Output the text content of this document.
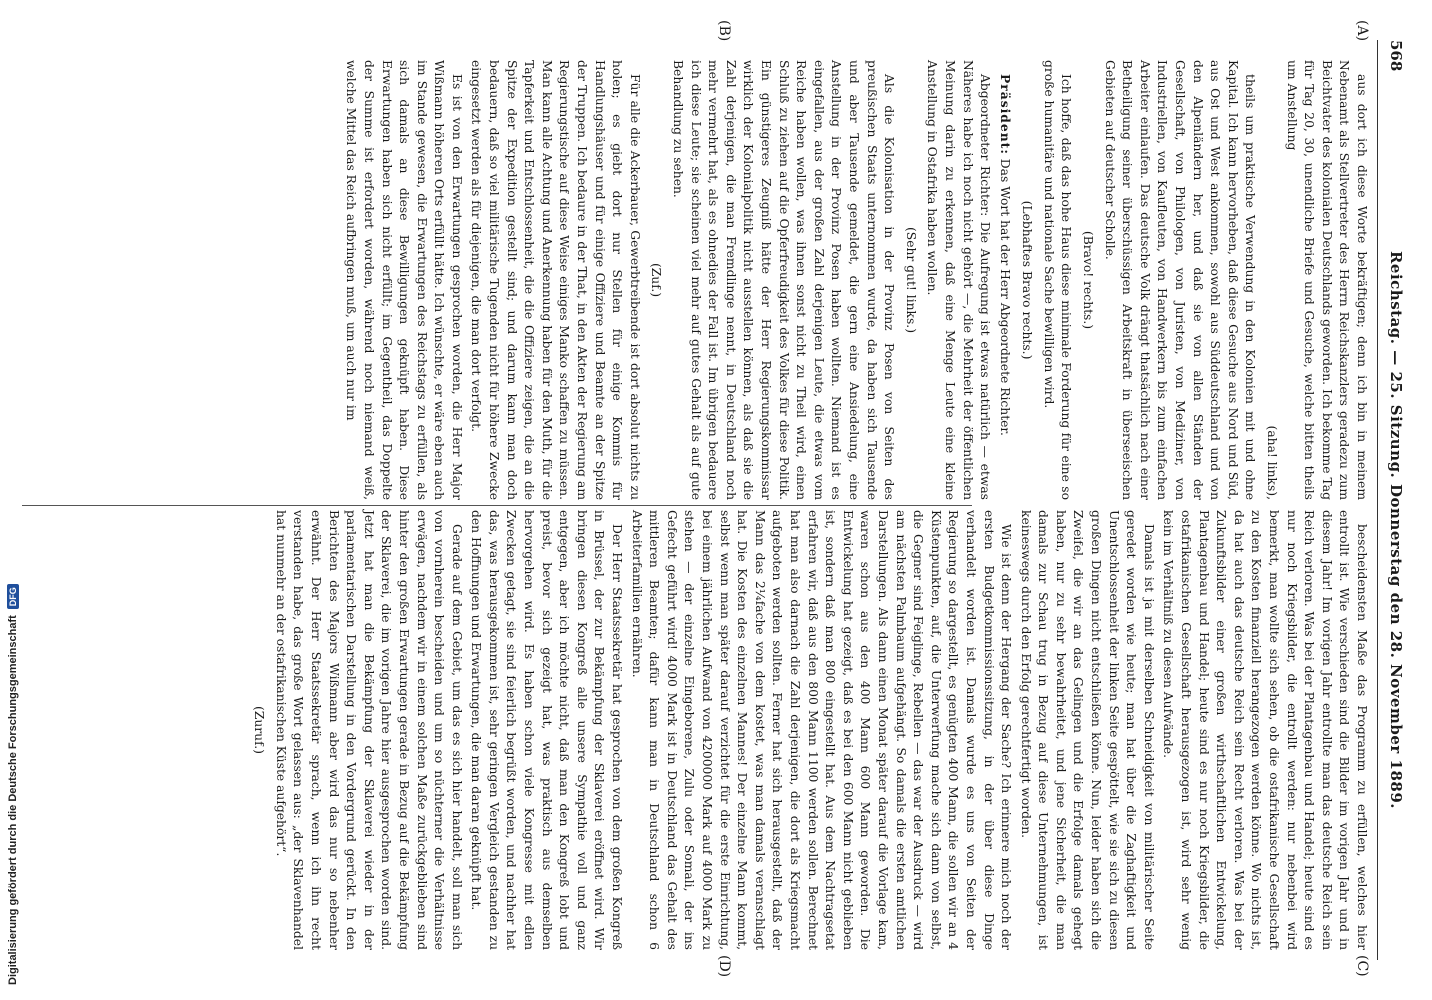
568
Reichstag. — 25. Sitzung. Donnerstag den 28. November 1889.
(A)
(B)
(C)
(D)

aus dort ich diese Worte bekräftigen; denn ich bin in meinem Nebenamt als Stellvertreter des Herrn Reichskanzlers geradezu zum Beichtvater des kolonialen Deutschlands geworden. Ich bekomme Tag für Tag 20, 30, unendliche Briefe und Gesuche, welche bitten theils um Anstellung

(aha! links),

theils um praktische Verwendung in den Kolonien mit und ohne Kapital. Ich kann hervorheben, daß diese Gesuche aus Nord und Süd, aus Ost und West ankommen, sowohl aus Süddeutschland und von den Alpenländern her, und daß sie von allen Ständen der Gesellschaft, von Philologen, von Juristen, von Mediziner, von Industriellen, von Kaufleuten, von Handwerkern bis zum einfachen Arbeiter einlaufen. Das deutsche Volk drängt thatsächlich nach einer Betheiligung seiner überschüssigen Arbeitskraft in überseeischen Gebieten auf deutscher Scholle.

(Bravo! rechts.)

Ich hoffe, daß das hohe Haus diese minimale Forderung für eine so große humanitäre und nationale Sache bewilligen wird.

(Lebhaftes Bravo rechts.)

Präsident: Das Wort hat der Herr Abgeordnete Richter.

Abgeordneter Richter: Die Aufregung ist etwas natürlich — etwas Näheres habe ich noch nicht gehört —, die Mehrheit der öffentlichen Meinung darin zu erkennen, daß eine Menge Leute eine kleine Anstellung in Ostafrika haben wollen.

(Sehr gut! links.)

Als die Kolonisation in der Provinz Posen von Seiten des preußischen Staats unternommen wurde, da haben sich Tausende und aber Tausende gemeldet, die gern eine Ansiedelung, eine Anstellung in der Provinz Posen haben wollten. Niemand ist es eingefallen, aus der großen Zahl derjenigen Leute, die etwas vom Reiche haben wollen, was ihnen sonst nicht zu Theil wird, einen Schluß zu ziehen auf die Opferfreudigkeit des Volkes für diese Politik. Ein günstigeres Zeugniß hätte der Herr Regierungskommissar wirklich der Kolonialpolitik nicht ausstellen können, als daß sie die Zahl derjenigen, die man Fremdlinge nennt, in Deutschland noch mehr vermehrt hat, als es ohnedies der Fall ist. Im übrigen bedauere ich diese Leute; sie scheinen viel mehr auf gutes Gehalt als auf gute Behandlung zu sehen.

(Zuf.)

Für alle die Ackerbauer, Gewerbtreibende ist dort absolut nichts zu holen; es giebt dort nur Stellen für einige Kommis für Handlungshäuser und für einige Offiziere und Beamte an der Spitze der Truppen. Ich bedaure in der That, in den Akten der Regierung am Regierungstische auf diese Weise einiges Manko schaffen zu müssen. Man kann alle Achtung und Anerkennung haben für den Muth, für die Tapferkeit und Entschlossenheit, die die Offiziere zeigen, die an die Spitze der Expedition gestellt sind; und darum kann man doch bedauern, daß so viel militärische Tugenden nicht für höhere Zwecke eingesetzt werden als für diejenigen, die man dort verfolgt.

Es ist von den Erwartungen gesprochen worden, die Herr Major Wißmann höheren Orts erfüllt hätte. Ich wünschte, er wäre eben auch im Stande gewesen, die Erwartungen des Reichstags zu erfüllen, als sich damals an diese Bewilligungen geknüpft haben. Diese Erwartungen haben sich nicht erfüllt; im Gegentheil, das Doppelte der Summe ist erfordert worden, während noch niemand weiß, welche Mittel das Reich aufbringen muß, um auch nur im

bescheidensten Maße das Programm zu erfüllen, welches hier entrollt ist. Wie verschieden sind die Bilder im vorigen Jahr und in diesem Jahr! Im vorigen Jahr entrollte man das deutsche Reich sein Reich verloren. Was bei der Plantagenbau und Handel; heute sind es nur noch Kriegsbilder, die entrollt werden: nur nebenbei wird bemerkt, man wollte sich sehen, ob die ostafrikanische Gesellschaft zu den Kosten finanziell herangezogen werden könne. Wo nichts ist, da hat auch das deutsche Reich sein Recht verloren. Was bei der Zukunftsbilder einer großen wirthschaftlichen Entwickelung, Plantagenbau und Handel; heute sind es nur noch Kriegsbilder, die ostafrikanischen Gesellschaft herausgezogen ist, wird sehr wenig kein im Verhältniß zu diesen Aufwände.

Damals ist ja mit derselben Schneidigkeit von militärischer Seite geredet worden wie heute; man hat über die Zaghaftigkeit und Unentschlossenheit der linken Seite gespöttelt, wie sie sich zu diesen großen Dingen nicht entschließen könne. Nun, leider haben sich die Zweifel, die wir an das Gelingen und die Erfolge damals gehegt haben, nur zu sehr bewahrheitet, und jene Sicherheit, die man damals zur Schau trug in Bezug auf diese Unternehmungen, ist keineswegs durch den Erfolg gerechtfertigt worden.

Wie ist denn der Hergang der Sache? Ich erinnere mich noch der ersten Budgetkommissionssitzung, in der über diese Dinge verhandelt worden ist. Damals wurde es uns von Seiten der Regierung so dargestellt, es genügten 400 Mann, die sollen wir an 4 Küstenpunkten, auf, die Unterwerfung mache sich dann von selbst, die Gegner sind Feiglinge, Rebellen — das war der Ausdruck — wird am nächsten Palmbaum aufgehängt. So damals die ersten amtlichen Darstellungen. Als dann einen Monat später darauf die Vorlage kam, waren schon aus den 400 Mann 600 Mann geworden. Die Entwickelung hat gezeigt, daß es bei den 600 Mann nicht geblieben ist, sondern daß man 800 eingestellt hat. Aus dem Nachtragsetat erfahren wir, daß aus den 800 Mann 1100 werden sollen. Berechnet hat man also darnach die Zahl derjenigen, die dort als Kriegsmacht aufgeboten werden sollten. Ferner hat sich herausgestellt, daß der Mann das 2¼fache von dem kostet, was man damals veranschlagt hat. Die Kosten des einzelnen Mannes! Der einzelne Mann kommt, selbst wenn man später darauf verzichtet für die erste Einrichtung, bei einem jährlichen Aufwand von 4200000 Mark auf 4000 Mark zu stehen — der einzelne Eingeborene, Zulu oder Somali, der ins Gefecht geführt wird! 4000 Mark ist in Deutschland das Gehalt des mittleren Beamten; dafür kann man in Deutschland schon 6 Arbeiterfamilien ernähren.

Der Herr Staatssekretär hat gesprochen von dem großen Kongreß in Brüssel, der zur Bekämpfung der Sklaverei eröffnet wird. Wir bringen diesen Kongreß alle unsere Sympathie voll und ganz entgegen, aber ich möchte nicht, daß man den Kongreß lobt und preist, bevor sich gezeigt hat, was praktisch aus demselben hervorgehen wird. Es haben schon viele Kongresse mit edlen Zwecken getagt, sie sind feierlich begrüßt worden, und nachher hat das, was herausgekommen ist, sehr geringen Vergleich gestanden zu den Hoffnungen und Erwartungen, die man daran geknüpft hat.

Gerade auf dem Gebiet, um das es sich hier handelt, soll man sich von vornherein bescheiden und um so nüchterner die Verhältnisse erwägen, nachdem wir in einem solchen Maße zurückgeblieben sind hinter den großen Erwartungen gerade in Bezug auf die Bekämpfung der Sklaverei, die im vorigen Jahre hier ausgesprochen worden sind. Jetzt hat man die Bekämpfung der Sklaverei wieder in der parlamentarischen Darstellung in den Vordergrund gerückt. In den Berichten des Majors Wißmann aber wird das nur so nebenher erwähnt. Der Herr Staatssekretär sprach, wenn ich ihn recht verstanden habe, das große Wort gelassen aus: „der Sklavenhandel hat nunmehr an der ostafrikanischen Küste aufgehört“.

(Zuruf.)

Digitalisierung gefördert durch die Deutsche Forschungsgemeinschaft
DFG
